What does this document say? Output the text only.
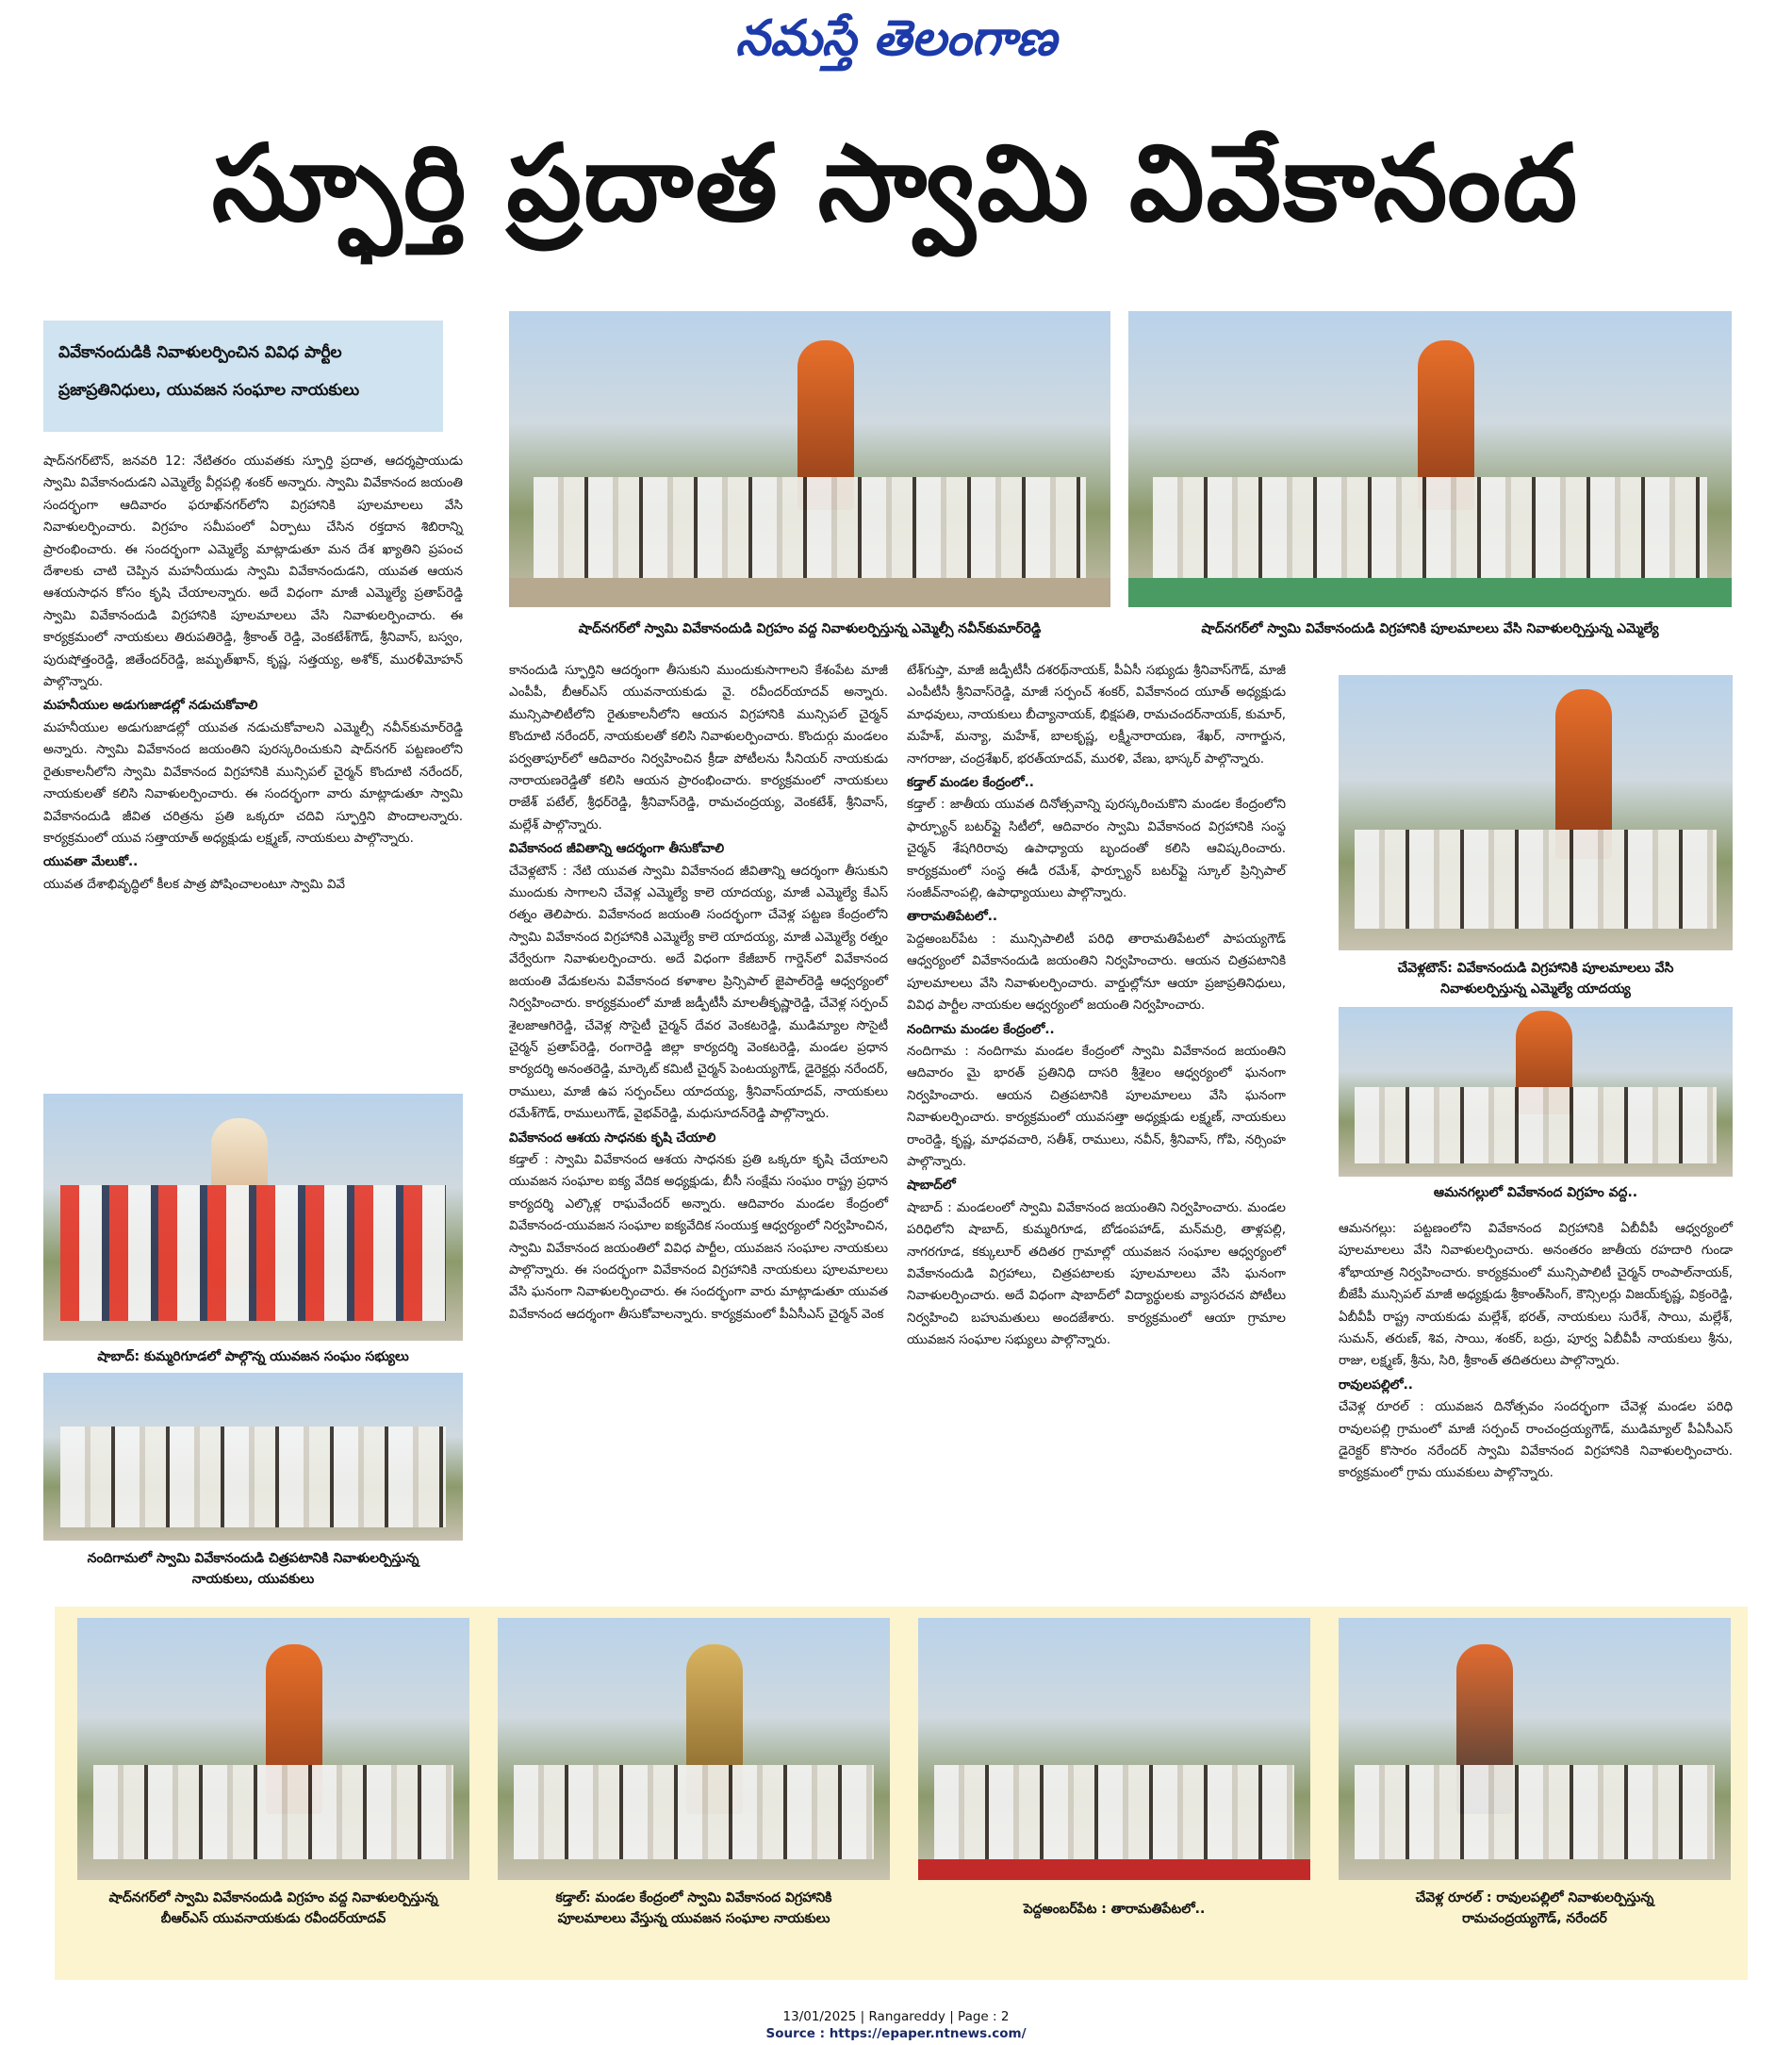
నమస్తే తెలంగాణ
స్ఫూర్తి ప్రదాత స్వామి వివేకానంద
వివేకానందుడికి నివాళులర్పించిన వివిధ పార్టీల
ప్రజాప్రతినిధులు, యువజన సంఘాల నాయకులు
షాద్‌నగర్‌లో స్వామి వివేకానందుడి విగ్రహం వద్ద నివాళులర్పిస్తున్న ఎమ్మెల్సీ నవీన్‌కుమార్‌రెడ్డి	షాద్‌నగర్‌లో స్వామి వివేకానందుడి విగ్రహానికి పూలమాలలు వేసి నివాళులర్పిస్తున్న ఎమ్మెల్యే

షాద్‌నగర్‌టౌన్, జనవరి 12: నేటితరం యువతకు స్ఫూర్తి ప్రదాత, ఆదర్శప్రాయుడు స్వామి వివేకానందుడని ఎమ్మెల్యే వీర్లపల్లి శంకర్ అన్నారు. స్వామి వివేకానంద జయంతి సందర్భంగా ఆదివారం ఫరూఖ్‌నగర్‌లోని విగ్రహానికి పూలమాలలు వేసి నివాళులర్పించారు. విగ్రహం సమీపంలో ఏర్పాటు చేసిన రక్తదాన శిబిరాన్ని ప్రారంభించారు. ఈ సందర్భంగా ఎమ్మెల్యే మాట్లాడుతూ మన దేశ ఖ్యాతిని ప్రపంచ దేశాలకు చాటి చెప్పిన మహనీయుడు స్వామి వివేకానందుడని, యువత ఆయన ఆశయసాధన కోసం కృషి చేయాలన్నారు. అదే విధంగా మాజీ ఎమ్మెల్యే ప్రతాప్‌రెడ్డి స్వామి వివేకానందుడి విగ్రహానికి పూలమాలలు వేసి నివాళులర్పించారు. ఈ కార్యక్రమంలో నాయకులు తిరుపతిరెడ్డి, శ్రీకాంత్ రెడ్డి, వెంకటేశ్‌గౌడ్, శ్రీనివాస్, బస్వం, పురుషోత్తంరెడ్డి, జితేందర్‌రెడ్డి, జమృత్‌ఖాన్, కృష్ణ, సత్తయ్య, అశోక్, మురళీమోహన్ పాల్గొన్నారు.

మహనీయుల అడుగుజాడల్లో నడుచుకోవాలి

మహనీయుల అడుగుజాడల్లో యువత నడుచుకోవాలని ఎమ్మెల్సీ నవీన్‌కుమార్‌రెడ్డి అన్నారు. స్వామి వివేకానంద జయంతిని పురస్కరించుకుని షాద్‌నగర్ పట్టణంలోని రైతుకాలనీలోని స్వామి వివేకానంద విగ్రహానికి మున్సిపల్ చైర్మన్ కొందూటి నరేందర్, నాయకులతో కలిసి నివాళులర్పించారు. ఈ సందర్భంగా వారు మాట్లాడుతూ స్వామి వివేకానందుడి జీవిత చరిత్రను ప్రతి ఒక్కరూ చదివి స్ఫూర్తిని పొందాలన్నారు. కార్యక్రమంలో యువ సత్తాయాత్ అధ్యక్షుడు లక్ష్మణ్, నాయకులు పాల్గొన్నారు.

యువతా మేలుకో..

యువత దేశాభివృద్ధిలో కీలక పాత్ర పోషించాలంటూ స్వామి వివే

షాబాద్: కుమ్మరిగూడలో పాల్గొన్న యువజన సంఘం సభ్యులు
నందిగామలో స్వామి వివేకానందుడి చిత్రపటానికి నివాళులర్పిస్తున్న
నాయకులు, యువకులు

కానందుడి స్ఫూర్తిని ఆదర్శంగా తీసుకుని ముందుకుసాగాలని కేశంపేట మాజీ ఎంపీపీ, బీఆర్‌ఎస్ యువనాయకుడు వై. రవీందర్‌యాదవ్ అన్నారు. మున్సిపాలిటీలోని రైతుకాలనీలోని ఆయన విగ్రహానికి మున్సిపల్ చైర్మన్ కొందూటి నరేందర్, నాయకులతో కలిసి నివాళులర్పించారు. కొందుర్గు మండలం పర్వతాపూర్‌లో ఆదివారం నిర్వహించిన క్రీడా పోటీలను సీనియర్ నాయకుడు నారాయణరెడ్డితో కలిసి ఆయన ప్రారంభించారు. కార్యక్రమంలో నాయకులు రాజేశ్ పటేల్, శ్రీధర్‌రెడ్డి, శ్రీనివాస్‌రెడ్డి, రామచంద్రయ్య, వెంకటేశ్, శ్రీనివాస్, మల్లేశ్ పాల్గొన్నారు.

వివేకానంద జీవితాన్ని ఆదర్శంగా తీసుకోవాలి

చేవెళ్లటౌన్ : నేటి యువత స్వామి వివేకానంద జీవితాన్ని ఆదర్శంగా తీసుకుని ముందుకు సాగాలని చేవెళ్ల ఎమ్మెల్యే కాలె యాదయ్య, మాజీ ఎమ్మెల్యే కేఎస్ రత్నం తెలిపారు. వివేకానంద జయంతి సందర్భంగా చేవెళ్ల పట్టణ కేంద్రంలోని స్వామి వివేకానంద విగ్రహానికి ఎమ్మెల్యే కాలె యాదయ్య, మాజీ ఎమ్మెల్యే రత్నం వేర్వేరుగా నివాళులర్పించారు. అదే విధంగా కేజీబార్ గార్డెన్‌లో వివేకానంద జయంతి వేడుకలను వివేకానంద కళాశాల ప్రిన్సిపాల్ జైపాల్‌రెడ్డి ఆధ్వర్యంలో నిర్వహించారు. కార్యక్రమంలో మాజీ జడ్పీటీసీ మాలతీకృష్ణారెడ్డి, చేవెళ్ల సర్పంచ్ శైలజాఆగిరెడ్డి, చేవెళ్ల సొసైటీ చైర్మన్ దేవర వెంకటరెడ్డి, ముడిమ్యాల సొసైటీ చైర్మన్ ప్రతాప్‌రెడ్డి, రంగారెడ్డి జిల్లా కార్యదర్శి వెంకటరెడ్డి, మండల ప్రధాన కార్యదర్శి అనంతరెడ్డి, మార్కెట్ కమిటీ చైర్మన్ పెంటయ్యగౌడ్, డైరెక్టర్లు నరేందర్, రాములు, మాజీ ఉప సర్పంచ్‌లు యాదయ్య, శ్రీనివాస్‌యాదవ్, నాయకులు రమేశ్‌గౌడ్, రాములుగౌడ్, వైభవ్‌రెడ్డి, మధుసూదన్‌రెడ్డి పాల్గొన్నారు.

వివేకానంద ఆశయ సాధనకు కృషి చేయాలి

కడ్తాల్ : స్వామి వివేకానంద ఆశయ సాధనకు ప్రతి ఒక్కరూ కృషి చేయాలని యువజన సంఘాల ఐక్య వేదిక అధ్యక్షుడు, బీసీ సంక్షేమ సంఘం రాష్ట్ర ప్రధాన కార్యదర్శి ఎల్కొళ్ల రాఘవేందర్ అన్నారు. ఆదివారం మండల కేంద్రంలో వివేకానంద-యువజన సంఘాల ఐక్యవేదిక సంయుక్త ఆధ్వర్యంలో నిర్వహించిన, స్వామి వివేకానంద జయంతిలో వివిధ పార్టీల, యువజన సంఘాల నాయకులు పాల్గొన్నారు. ఈ సందర్భంగా వివేకానంద విగ్రహానికి నాయకులు పూలమాలలు వేసి ఘనంగా నివాళులర్పించారు. ఈ సందర్భంగా వారు మాట్లాడుతూ యువత వివేకానంద ఆదర్శంగా తీసుకోవాలన్నారు. కార్యక్రమంలో పీఏసీఎస్ చైర్మన్ వెంక

టేశ్‌గుప్తా, మాజీ జడ్పీటీసీ దశరథ్‌నాయక్, పీఏసీ సభ్యుడు శ్రీనివాస్‌గౌడ్, మాజీ ఎంపీటీసీ శ్రీనివాస్‌రెడ్డి, మాజీ సర్పంచ్ శంకర్, వివేకానంద యూత్ అధ్యక్షుడు మాధవులు, నాయకులు బీచ్యానాయక్, భిక్షపతి, రామచందర్‌నాయక్, కుమార్, మహేశ్, మన్యా, మహేశ్, బాలకృష్ణ, లక్ష్మీనారాయణ, శేఖర్, నాగార్జున, నాగరాజు, చంద్రశేఖర్, భరత్‌యాదవ్, మురళి, వేణు, భాస్కర్ పాల్గొన్నారు.

కడ్తాల్ మండల కేంద్రంలో..

కడ్తాల్ : జాతీయ యువత దినోత్సవాన్ని పురస్కరించుకొని మండల కేంద్రంలోని ఫార్చ్యూన్ బటర్‌ఫ్లై సిటీలో, ఆదివారం స్వామి వివేకానంద విగ్రహానికి సంస్థ చైర్మన్ శేషగిరిరావు ఉపాధ్యాయ బృందంతో కలిసి ఆవిష్కరించారు. కార్యక్రమంలో సంస్థ ఈడీ రమేశ్, ఫార్చ్యూన్ బటర్‌ఫ్లై స్కూల్ ప్రిన్సిపాల్ సంజీవ్‌నాంపల్లి, ఉపాధ్యాయులు పాల్గొన్నారు.

తారామతిపేటలో..

పెద్దఅంబర్‌పేట : మున్సిపాలిటీ పరిధి తారామతిపేటలో పాపయ్యగౌడ్ ఆధ్వర్యంలో వివేకానందుడి జయంతిని నిర్వహించారు. ఆయన చిత్రపటానికి పూలమాలలు వేసి నివాళులర్పించారు. వార్డుల్లోనూ ఆయా ప్రజాప్రతినిధులు, వివిధ పార్టీల నాయకుల ఆధ్వర్యంలో జయంతి నిర్వహించారు.

నందిగామ మండల కేంద్రంలో..

నందిగామ : నందిగామ మండల కేంద్రంలో స్వామి వివేకానంద జయంతిని ఆదివారం మై భారత్ ప్రతినిధి దాసరి శ్రీశైలం ఆధ్వర్యంలో ఘనంగా నిర్వహించారు. ఆయన చిత్రపటానికి పూలమాలలు వేసి ఘనంగా నివాళులర్పించారు. కార్యక్రమంలో యువసత్తా అధ్యక్షుడు లక్ష్మణ్, నాయకులు రాంరెడ్డి, కృష్ణ, మాధవచారి, సతీశ్, రాములు, నవీన్, శ్రీనివాస్, గోపి, నర్సింహ పాల్గొన్నారు.

షాబాద్‌లో

షాబాద్ : మండలంలో స్వామి వివేకానంద జయంతిని నిర్వహించారు. మండల పరిధిలోని షాబాద్, కుమ్మరిగూడ, బోడంపహాడ్, మన్‌మర్రి, తాళ్లపల్లి, నాగరగూడ, కక్కులూర్ తదితర గ్రామాల్లో యువజన సంఘాల ఆధ్వర్యంలో వివేకానందుడి విగ్రహాలు, చిత్రపటాలకు పూలమాలలు వేసి ఘనంగా నివాళులర్పించారు. అదే విధంగా షాబాద్‌లో విద్యార్థులకు వ్యాసరచన పోటీలు నిర్వహించి బహుమతులు అందజేశారు. కార్యక్రమంలో ఆయా గ్రామాల యువజన సంఘాల సభ్యులు పాల్గొన్నారు.

చేవెళ్లటౌన్: వివేకానందుడి విగ్రహానికి పూలమాలలు వేసి
నివాళులర్పిస్తున్న ఎమ్మెల్యే యాదయ్య
ఆమనగల్లులో వివేకానంద విగ్రహం వద్ద..

ఆమనగల్లు: పట్టణంలోని వివేకానంద విగ్రహానికి ఏబీవీపీ ఆధ్వర్యంలో పూలమాలలు వేసి నివాళులర్పించారు. అనంతరం జాతీయ రహదారి గుండా శోభాయాత్ర నిర్వహించారు. కార్యక్రమంలో మున్సిపాలిటీ చైర్మన్ రాంపాల్‌నాయక్, బీజేపీ మున్సిపల్ మాజీ అధ్యక్షుడు శ్రీకాంత్‌సింగ్, కౌన్సిలర్లు విజయ్‌కృష్ణ, విక్రంరెడ్డి, ఏబీవీపీ రాష్ట్ర నాయకుడు మల్లేశ్, భరత్, నాయకులు సురేశ్, సాయి, మల్లేశ్, సుమన్, తరుణ్, శివ, సాయి, శంకర్, బద్రు, పూర్వ ఏబీవీపీ నాయకులు శ్రీను, రాజు, లక్ష్మణ్, శ్రీను, సిరి, శ్రీకాంత్ తదితరులు పాల్గొన్నారు.

రావులపల్లిలో..

చేవెళ్ల రూరల్ : యువజన దినోత్సవం సందర్భంగా చేవెళ్ల మండల పరిధి రావులపల్లి గ్రామంలో మాజీ సర్పంచ్ రాంచంద్రయ్యగౌడ్, ముడిమ్యాల్ పీఏసీఎస్ డైరెక్టర్ కొసారం నరేందర్ స్వామి వివేకానంద విగ్రహానికి నివాళులర్పించారు. కార్యక్రమంలో గ్రామ యువకులు పాల్గొన్నారు.

షాద్‌నగర్‌లో స్వామి వివేకానందుడి విగ్రహం వద్ద నివాళులర్పిస్తున్న
బీఆర్‌ఎస్ యువనాయకుడు రవీందర్‌యాదవ్
కడ్తాల్: మండల కేంద్రంలో స్వామి వివేకానంద విగ్రహానికి
పూలమాలలు వేస్తున్న యువజన సంఘాల నాయకులు
పెద్దఅంబర్‌పేట : తారామతిపేటలో..
చేవెళ్ల రూరల్ : రావులపల్లిలో నివాళులర్పిస్తున్న
రామచంద్రయ్యగౌడ్, నరేందర్
13/01/2025 | Rangareddy | Page : 2
Source : https://epaper.ntnews.com/
